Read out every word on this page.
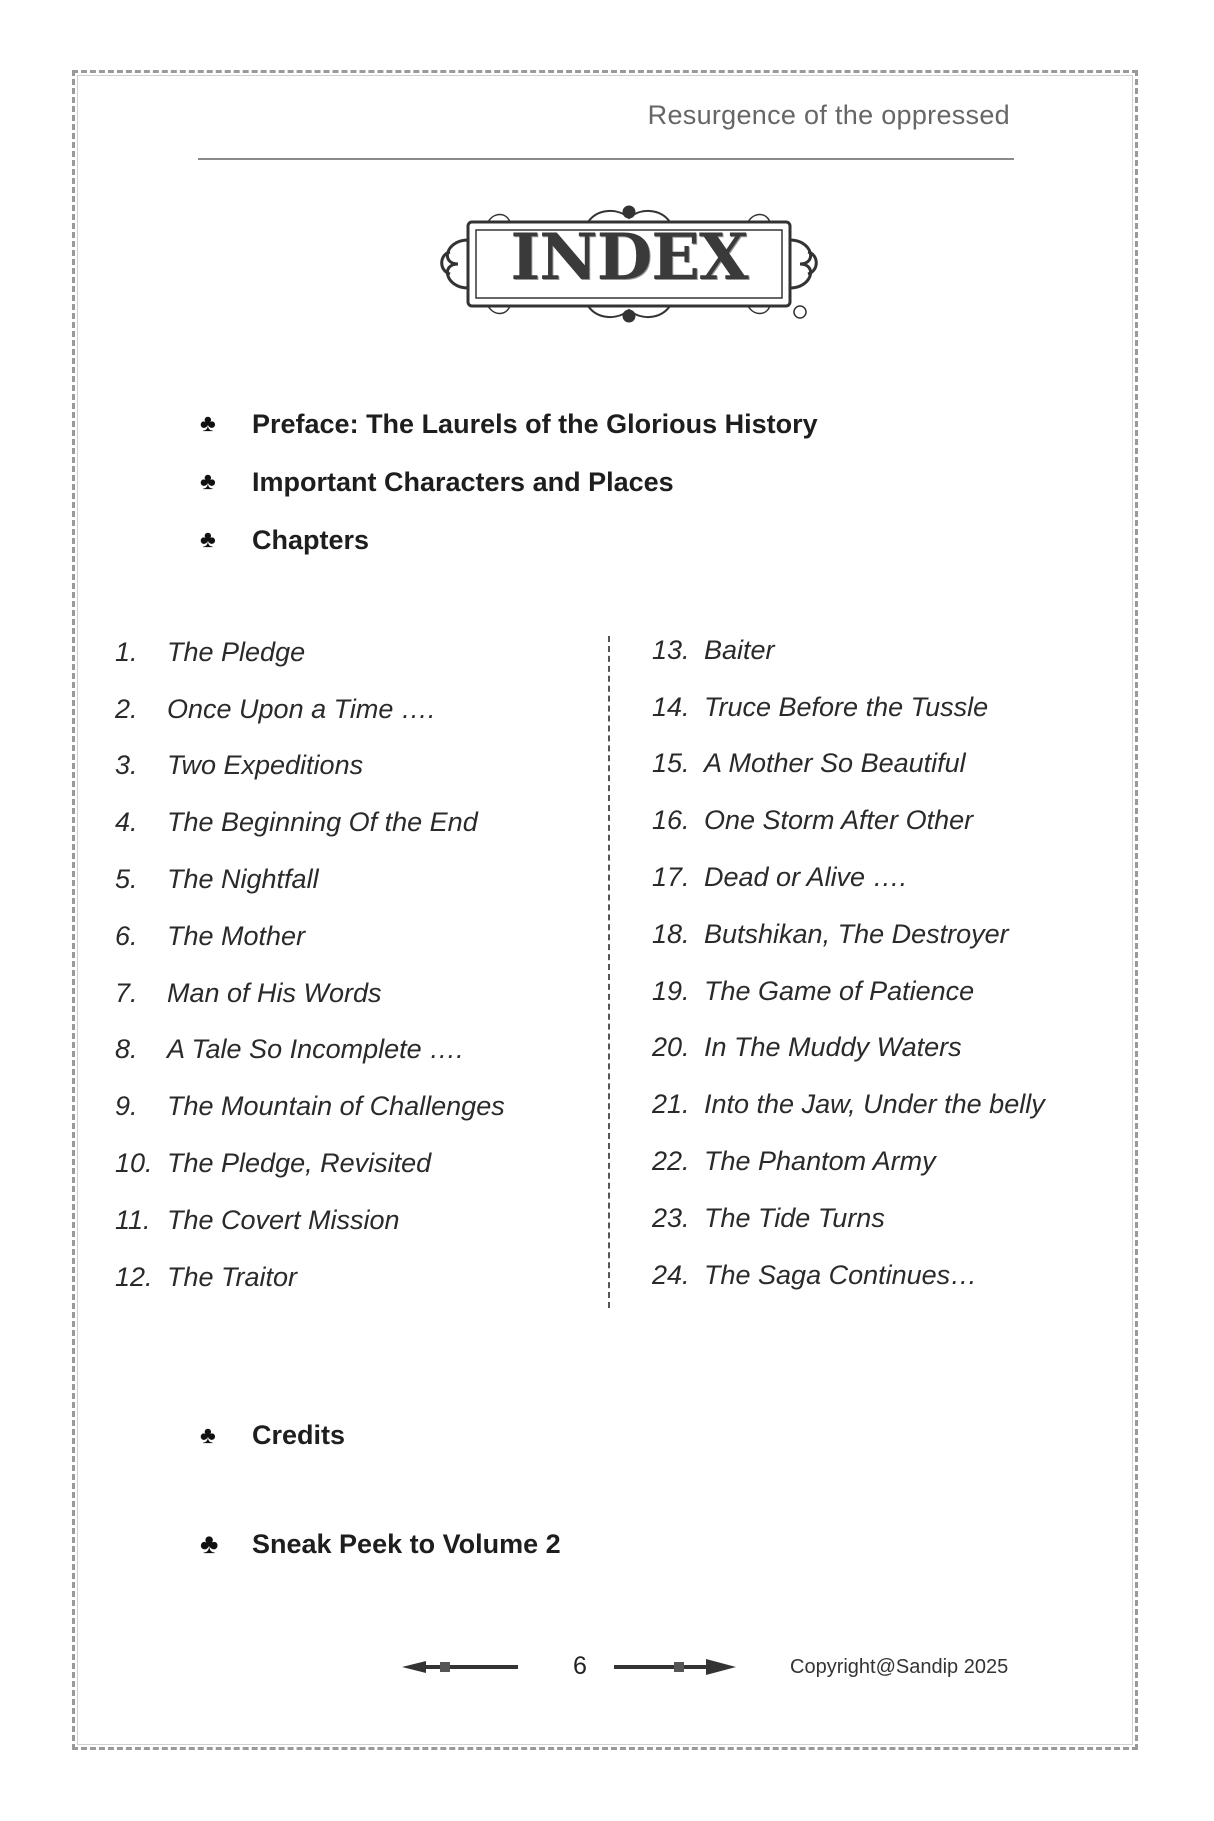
Resurgence of the oppressed
INDEX
♣	Preface: The Laurels of the Glorious History
♣	Important Characters and Places
♣	Chapters
1.	The Pledge
2.	Once Upon a Time ….
3.	Two Expeditions
4.	The Beginning Of the End
5.	The Nightfall
6.	The Mother
7.	Man of His Words
8.	A Tale So Incomplete ….
9.	The Mountain of Challenges
10. The Pledge, Revisited
11. The Covert Mission
12. The Traitor
13. Baiter
14. Truce Before the Tussle
15. A Mother So Beautiful
16. One Storm After Other
17. Dead or Alive ….
18. Butshikan, The Destroyer
19. The Game of Patience
20. In The Muddy Waters
21. Into the Jaw, Under the belly
22. The Phantom Army
23. The Tide Turns
24. The Saga Continues…
♣	Credits
♣	Sneak Peek to Volume 2
6	Copyright@Sandip 2025
